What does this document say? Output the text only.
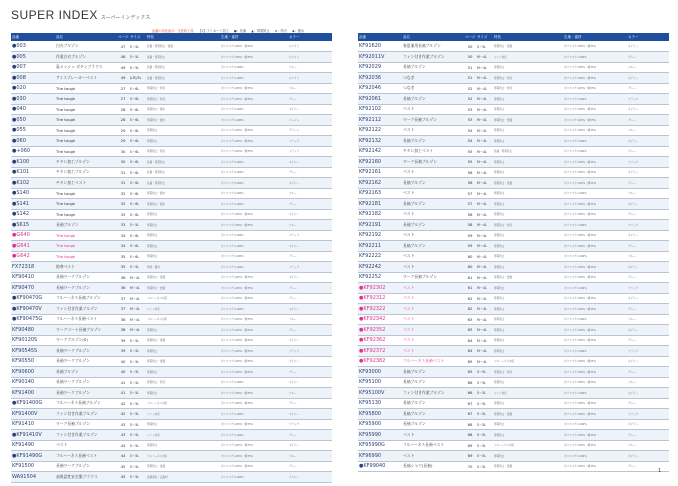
SUPER INDEX スーパーインデックス
品番の赤色表示：生産終了品 【L】ラミネート加工 ●：抗菌 ▲：帯電防止 ★：防汚 ◆：撥水
品番	品名	ページ	サイズ	特長	生地・素材	カラー
●003	白衣ブルゾン	47	S〜5L	抗菌・帯電防止・透湿	ポリエステル65%・綿35%	ホワイト
●005	作業白衣ブルゾン	48	S〜5L	抗菌・帯電防止	ポリエステル65%・綿35%	ホワイト
●007	裏メッシュ ボタンブラウス	49	S〜5L	抗菌・帯電防止	ポリエステル100%	ブルー
●008	アイスブレーカーベスト	49	(LR)/3L	抗菌・帯電防止	ポリエステル100%	ホワイト
●020	The tough	27	S〜6L	帯電防止・防汚	ポリエステル65%・綿35%	ブルー
●030	The tough	27	S〜6L	帯電防止・防汚	ポリエステル65%・綿35%	グレー
●040	The tough	28	S〜6L	帯電防止・撥水	ポリエステル100%	ネイビー
●050	The tough	28	S〜6L	帯電防止・撥水	ポリエステル100%	ベージュ
●055	The tough	29	S〜6L	帯電防止	ポリエステル65%・綿35%	グリーン
●060	The tough	29	S〜6L	帯電防止	ポリエステル65%・綿35%	ブラック
●+060	The tough	30	S〜6L	帯電防止・防汚	ポリエステル65%・綿35%	ブラック
●K100	チタン加工ブルゾン	30	S〜6L	抗菌・帯電防止	ポリエステル100%	ネイビー
●K101	チタン加工ブルゾン	31	S〜6L	抗菌・帯電防止	ポリエステル100%	グレー
●K102	チタン加工ベスト	31	S〜6L	抗菌・帯電防止	ポリエステル100%	ネイビー
●S140	The tough	32	S〜6L	帯電防止・撥水	ポリエステル100%	ブルー
●S141	The tough	32	S〜6L	帯電防止・撥水	ポリエステル100%	グレー
●S142	The tough	33	S〜6L	帯電防止	ポリエステル65%・綿35%	ネイビー
●S615	長袖ブルゾン	33	S〜5L	帯電防止	ポリエステル65%・綿35%	ブルー
●G640	The tough	34	S〜6L	帯電防止	ポリエステル100%	ブラック
●G641	The tough	34	S〜6L	帯電防止	ポリエステル100%	ネイビー
●G642	The tough	35	S〜6L	帯電防止	ポリエステル100%	グレー
FX72318	防寒ベスト	35	S〜5L	防寒・撥水	ポリエステル100%	ブラック
KF90410	長袖ワークブルゾン	36	M〜4L	帯電防止・透湿	ポリエステル65%・綿35%	ネイビー
KF90470	長袖ワークブルゾン	36	M〜4L	帯電防止・透湿	ポリエステル65%・綿35%	グレー
●KF90470G	フルハーネス長袖ブルゾン	37	M〜4L	フルハーネス対応	ポリエステル65%・綿35%	グレー
●KF90470V	ファン付き作業ブルゾン	37	M〜4L	ファン対応	ポリエステル100%	ネイビー
●KF90475G	フルハーネス長袖ベスト	38	M〜4L	フルハーネス対応	ポリエステル65%・綿35%	ブルー
KF90480	ワークコート長袖ブルゾン	38	M〜4L	帯電防止	ポリエステル65%・綿35%	グレー
KF90120S	ワークブルゾン(S)	39	S〜5L	帯電防止・透湿	ポリエステル65%・綿35%	ネイビー
KF90545S	長袖ワークブルゾン	39	S〜5L	帯電防止	ポリエステル65%・綿35%	ブラック
KF90550	長袖ワークブルゾン	40	S〜5L	帯電防止・透湿	ポリエステル65%・綿35%	ネイビー
KF90600	長袖ブルゾン	40	S〜5L	帯電防止	ポリエステル65%・綿35%	グレー
KF90140	長袖ワークブルゾン	41	S〜5L	帯電防止・防汚	ポリエステル100%	ネイビー
KF91400	長袖ワークブルゾン	41	S〜5L	帯電防止	ポリエステル65%・綿35%	ブルー
●KF91400G	フルハーネス長袖ブルゾン	42	S〜5L	フルハーネス対応	ポリエステル65%・綿35%	グレー
KF91400V	ファン付き作業ブルゾン	42	S〜5L	ファン対応	ポリエステル100%	ネイビー
KF91410	ワーク長袖ブルゾン	43	S〜5L	帯電防止	ポリエステル65%・綿35%	ブラック
●KF91410V	ファン付き作業ブルゾン	43	S〜5L	ファン対応	ポリエステル100%	グレー
KF91490	ベスト	44	S〜5L	帯電防止	ポリエステル65%・綿35%	ネイビー
●KF91490G	フルハーネス長袖ベスト	44	S〜5L	フルハーネス対応	ポリエステル65%・綿35%	ブルー
KF91500	長袖ワークブルゾン	45	S〜5L	帯電防止・透湿	ポリエステル65%・綿35%	グレー
WA91504	高視認性安全服ブラウス	45	S〜5L	高視認性・反射材	ポリエステル100%	イエロー
品番	品名	ページ	サイズ	特長	生地・素材	カラー
KF91620	春夏兼用長袖ブルゾン	50	S〜5L	帯電防止・透湿	ポリエステル65%・綿35%	ネイビー
KF92011V	ファン付き作業ブルゾン	50	M〜4L	ファン対応	ポリエステル100%	グレー
KF92029	長袖ブルゾン	51	M〜4L	帯電防止	ポリエステル65%・綿35%	ブルー
KF92036	つなぎ	51	M〜4L	帯電防止・防汚	ポリエステル65%・綿35%	ネイビー
KF92046	つなぎ	52	M〜4L	帯電防止・防汚	ポリエステル65%・綿35%	グレー
KF92061	長袖ブルゾン	52	M〜4L	帯電防止	ポリエステル100%	ブラック
KF92102	ベスト	53	M〜4L	帯電防止	ポリエステル65%・綿35%	ネイビー
KF92112	ワーク長袖ブルゾン	53	M〜4L	帯電防止・透湿	ポリエステル65%・綿35%	グレー
KF92122	ベスト	54	M〜4L	帯電防止	ポリエステル65%・綿35%	ブルー
KF92132	長袖ブルゾン	54	M〜4L	帯電防止	ポリエステル100%	ネイビー
KF92142	チタン加工ベスト	55	M〜4L	抗菌・帯電防止	ポリエステル100%	グレー
KF92160	ワーク長袖ブルゾン	55	M〜4L	帯電防止	ポリエステル65%・綿35%	ブラック
KF92161	ベスト	56	M〜4L	帯電防止	ポリエステル65%・綿35%	ネイビー
KF92162	長袖ブルゾン	56	M〜4L	帯電防止・透湿	ポリエステル65%・綿35%	グレー
KF92163	ベスト	57	M〜4L	帯電防止	ポリエステル100%	ブルー
KF92181	長袖ブルゾン	57	M〜4L	帯電防止	ポリエステル65%・綿35%	ネイビー
KF92182	ベスト	58	M〜4L	帯電防止	ポリエステル65%・綿35%	グレー
KF92191	長袖ブルゾン	58	M〜4L	帯電防止・防汚	ポリエステル100%	ブラック
KF92192	ベスト	59	M〜4L	帯電防止	ポリエステル65%・綿35%	ネイビー
KF92211	長袖ブルゾン	59	M〜4L	帯電防止	ポリエステル65%・綿35%	グレー
KF92222	ベスト	60	M〜4L	帯電防止	ポリエステル100%	ブルー
KF92242	ベスト	60	M〜4L	帯電防止	ポリエステル65%・綿35%	ネイビー
KF92252	ワーク長袖ブルゾン	61	M〜4L	帯電防止・透湿	ポリエステル65%・綿35%	グレー
●KF92302	ベスト	61	M〜4L	帯電防止	ポリエステル100%	ブラック
●KF92312	ベスト	62	M〜4L	帯電防止	ポリエステル65%・綿35%	ネイビー
●KF92322	ベスト	62	M〜4L	帯電防止	ポリエステル65%・綿35%	グレー
●KF92342	ベスト	63	M〜4L	帯電防止	ポリエステル100%	ブルー
●KF92352	ベスト	63	M〜4L	帯電防止	ポリエステル65%・綿35%	ネイビー
●KF92362	ベスト	64	M〜4L	帯電防止	ポリエステル65%・綿35%	グレー
●KF92372	ベスト	64	M〜4L	帯電防止	ポリエステル100%	ブラック
●KF92382	フルハーネス長袖ベスト	65	M〜4L	フルハーネス対応	ポリエステル65%・綿35%	ネイビー
KF93000	長袖ブルゾン	65	S〜5L	帯電防止・防汚	ポリエステル65%・綿35%	グレー
KF95100	長袖ブルゾン	66	S〜5L	帯電防止	ポリエステル65%・綿35%	ブルー
KF95100V	ファン付き作業ブルゾン	66	S〜5L	ファン対応	ポリエステル100%	ネイビー
KF95130	長袖ブルゾン	67	S〜5L	帯電防止	ポリエステル65%・綿35%	グレー
KF95800	長袖ブルゾン	67	S〜5L	帯電防止・透湿	ポリエステル65%・綿35%	ブラック
KF95900	長袖ブルゾン	68	S〜5L	帯電防止	ポリエステル100%	ネイビー
KF95990	ベスト	68	S〜5L	帯電防止	ポリエステル65%・綿35%	グレー
KF95990G	フルハーネス長袖ベスト	69	S〜5L	フルハーネス対応	ポリエステル65%・綿35%	ブルー
KF96990	ベスト	69	S〜5L	帯電防止	ポリエステル100%	ネイビー
●KF99040	長袖シャツ(長袖)	70	S〜5L	帯電防止・透湿	ポリエステル65%・綿35%	グレー
1
